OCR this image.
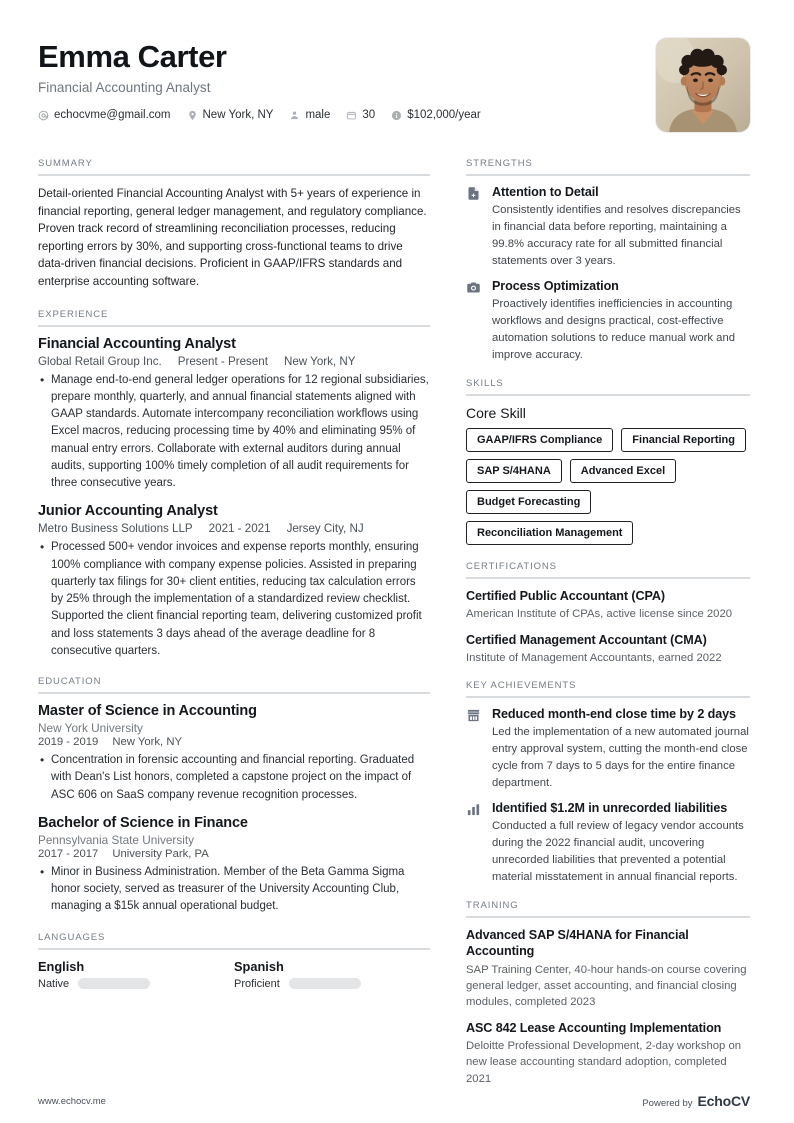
Emma Carter
Financial Accounting Analyst
echocvme@gmail.com	New York, NY	male	30	$102,000/year
SUMMARY
Detail-oriented Financial Accounting Analyst with 5+ years of experience in financial reporting, general ledger management, and regulatory compliance. Proven track record of streamlining reconciliation processes, reducing reporting errors by 30%, and supporting cross-functional teams to drive data-driven financial decisions. Proficient in GAAP/IFRS standards and enterprise accounting software.
EXPERIENCE
Financial Accounting Analyst
Global Retail Group Inc. Present - Present New York, NY
• Manage end-to-end general ledger operations for 12 regional subsidiaries, prepare monthly, quarterly, and annual financial statements aligned with GAAP standards. Automate intercompany reconciliation workflows using Excel macros, reducing processing time by 40% and eliminating 95% of manual entry errors. Collaborate with external auditors during annual audits, supporting 100% timely completion of all audit requirements for three consecutive years.
Junior Accounting Analyst
Metro Business Solutions LLP 2021 - 2021 Jersey City, NJ
• Processed 500+ vendor invoices and expense reports monthly, ensuring 100% compliance with company expense policies. Assisted in preparing quarterly tax filings for 30+ client entities, reducing tax calculation errors by 25% through the implementation of a standardized review checklist. Supported the client financial reporting team, delivering customized profit and loss statements 3 days ahead of the average deadline for 8 consecutive quarters.
EDUCATION
Master of Science in Accounting
New York University
2019 - 2019 New York, NY
• Concentration in forensic accounting and financial reporting. Graduated with Dean's List honors, completed a capstone project on the impact of ASC 606 on SaaS company revenue recognition processes.
Bachelor of Science in Finance
Pennsylvania State University
2017 - 2017 University Park, PA
• Minor in Business Administration. Member of the Beta Gamma Sigma honor society, served as treasurer of the University Accounting Club, managing a $15k annual operational budget.
LANGUAGES
English
Native
Spanish
Proficient
STRENGTHS
Attention to Detail
Consistently identifies and resolves discrepancies in financial data before reporting, maintaining a 99.8% accuracy rate for all submitted financial statements over 3 years.
Process Optimization
Proactively identifies inefficiencies in accounting workflows and designs practical, cost-effective automation solutions to reduce manual work and improve accuracy.
SKILLS
Core Skill
GAAP/IFRS Compliance	Financial Reporting
SAP S/4HANA	Advanced Excel
Budget Forecasting
Reconciliation Management
CERTIFICATIONS
Certified Public Accountant (CPA)
American Institute of CPAs, active license since 2020
Certified Management Accountant (CMA)
Institute of Management Accountants, earned 2022
KEY ACHIEVEMENTS
Reduced month-end close time by 2 days
Led the implementation of a new automated journal entry approval system, cutting the month-end close cycle from 7 days to 5 days for the entire finance department.
Identified $1.2M in unrecorded liabilities
Conducted a full review of legacy vendor accounts during the 2022 financial audit, uncovering unrecorded liabilities that prevented a potential material misstatement in annual financial reports.
TRAINING
Advanced SAP S/4HANA for Financial Accounting
SAP Training Center, 40-hour hands-on course covering general ledger, asset accounting, and financial closing modules, completed 2023
ASC 842 Lease Accounting Implementation
Deloitte Professional Development, 2-day workshop on new lease accounting standard adoption, completed 2021
www.echocv.me	Powered by EchoCV
